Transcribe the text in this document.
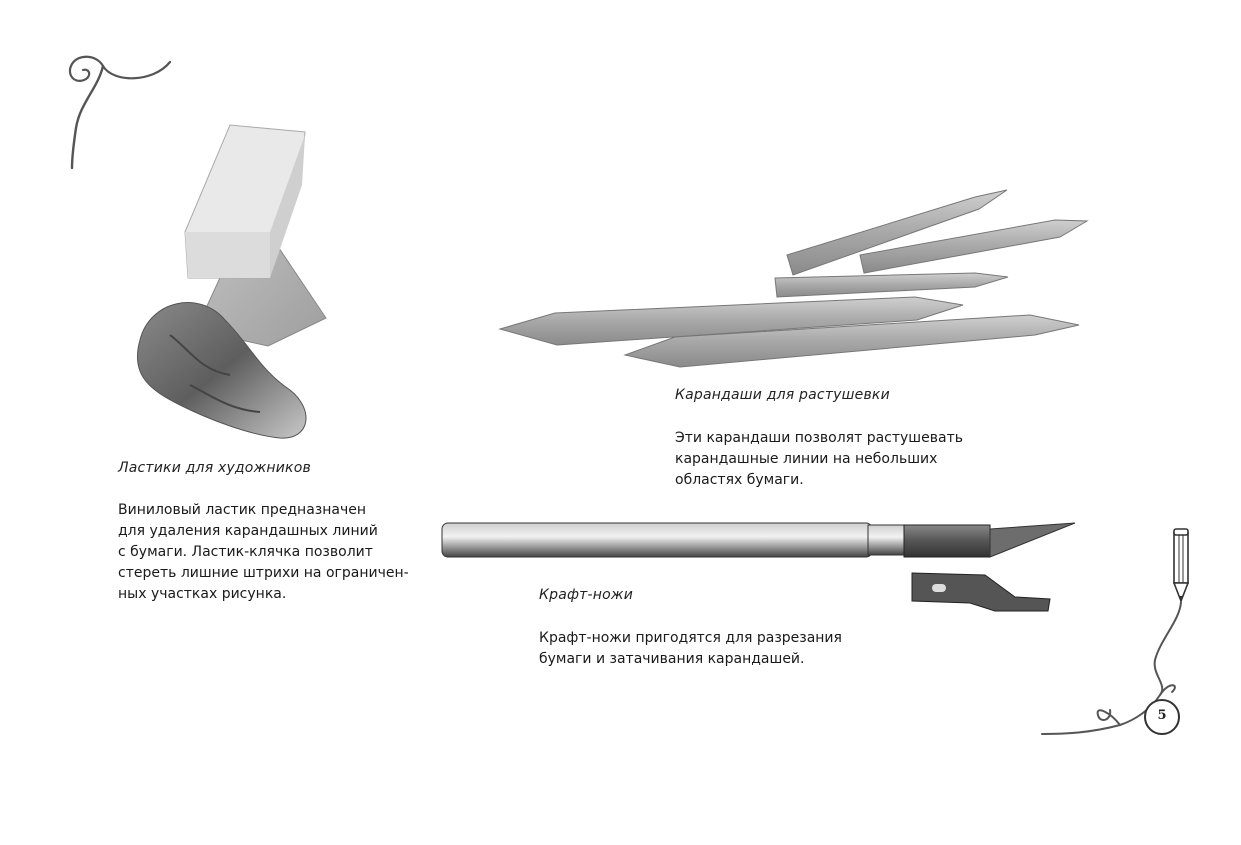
Ластики для художников
Виниловый ластик предназначен
для удаления карандашных линий
с бумаги. Ластик-клячка позволит
стереть лишние штрихи на ограничен-
ных участках рисунка.
Карандаши для растушевки
Эти карандаши позволят растушевать
карандашные линии на небольших
областях бумаги.
Крафт-ножи
Крафт-ножи пригодятся для разрезания
бумаги и затачивания карандашей.
5
